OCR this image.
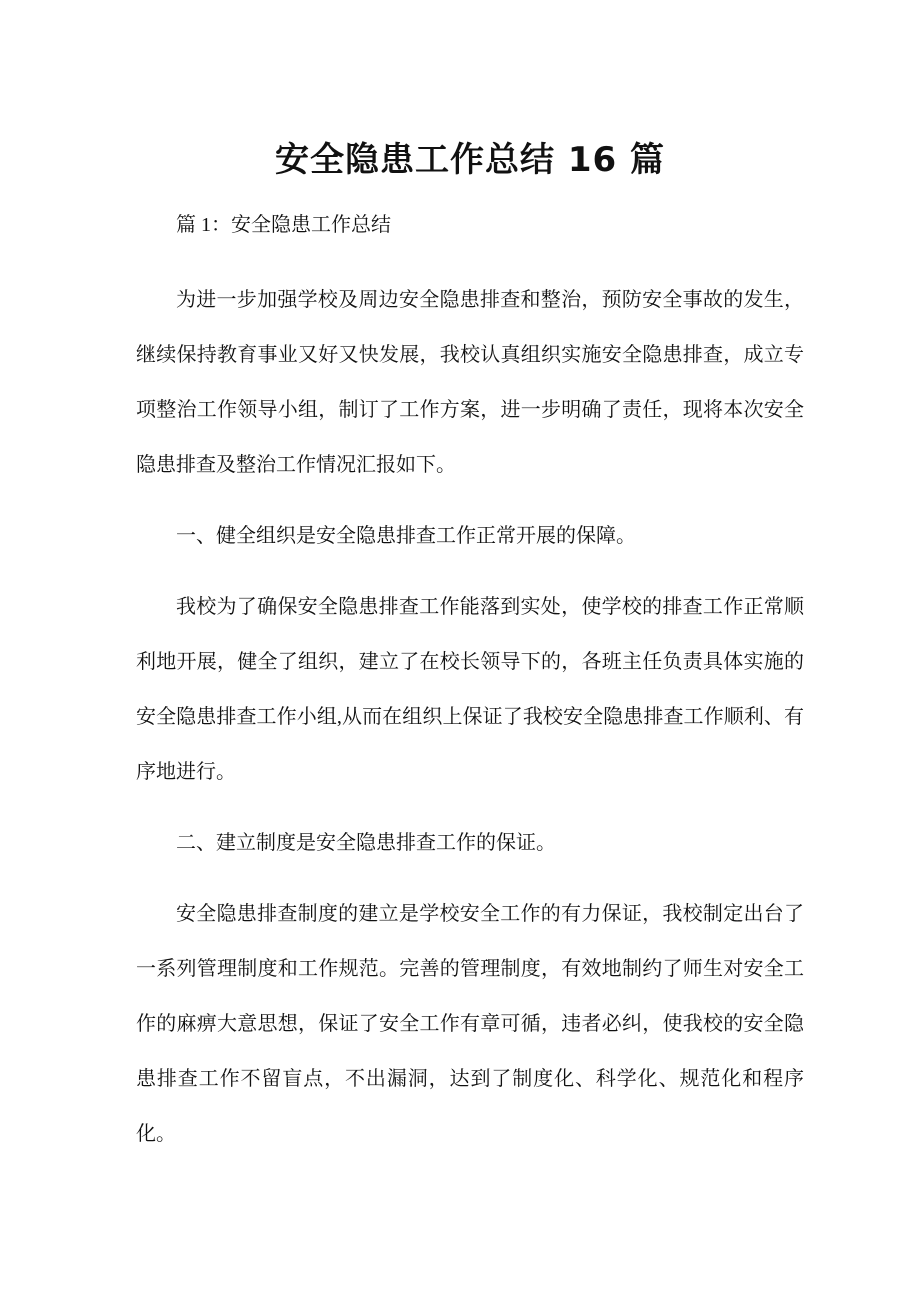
安全隐患工作总结 16 篇

篇 1：安全隐患工作总结

为进一步加强学校及周边安全隐患排查和整治，预防安全事故的发生，继续保持教育事业又好又快发展，我校认真组织实施安全隐患排查，成立专项整治工作领导小组，制订了工作方案，进一步明确了责任，现将本次安全隐患排查及整治工作情况汇报如下。

一、健全组织是安全隐患排查工作正常开展的保障。

我校为了确保安全隐患排查工作能落到实处，使学校的排查工作正常顺利地开展，健全了组织，建立了在校长领导下的，各班主任负责具体实施的安全隐患排查工作小组,从而在组织上保证了我校安全隐患排查工作顺利、有序地进行。

二、建立制度是安全隐患排查工作的保证。

安全隐患排查制度的建立是学校安全工作的有力保证，我校制定出台了一系列管理制度和工作规范。完善的管理制度，有效地制约了师生对安全工作的麻痹大意思想，保证了安全工作有章可循，违者必纠，使我校的安全隐患排查工作不留盲点，不出漏洞，达到了制度化、科学化、规范化和程序化。
